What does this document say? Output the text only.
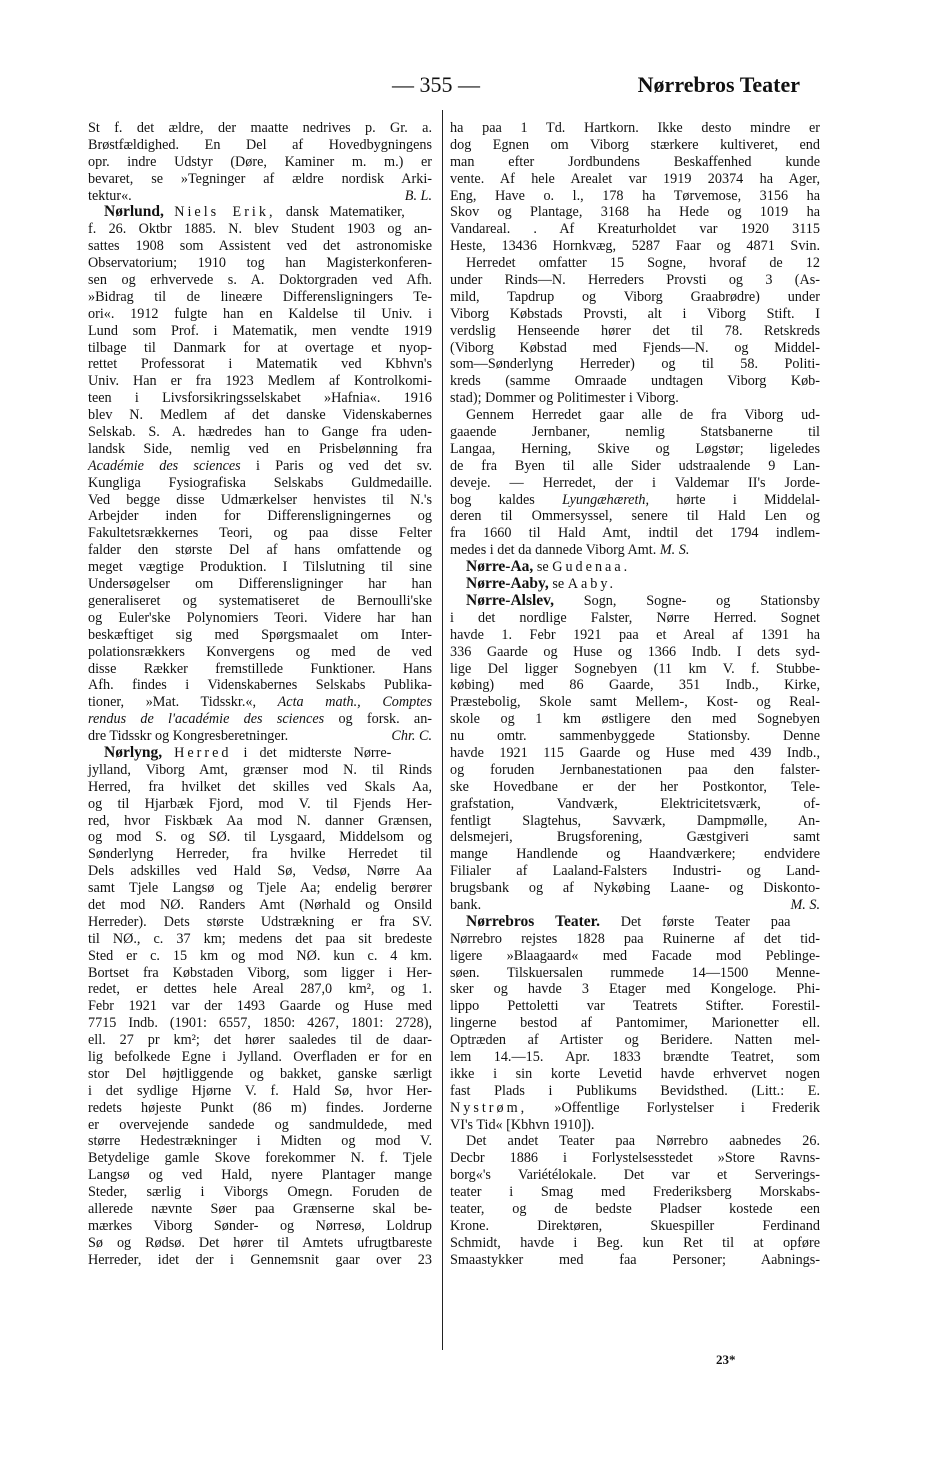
— 355 —	Nørrebros Teater
St f. det ældre, der maatte nedrives p. Gr. a.
Brøstfældighed. En Del af Hovedbygningens
opr. indre Udstyr (Døre, Kaminer m. m.) er
bevaret, se »Tegninger af ældre nordisk Arki-
tektur«.	B. L.
Nørlund, Niels Erik, dansk Matematiker,
f. 26. Oktbr 1885. N. blev Student 1903 og an-
sattes 1908 som Assistent ved det astronomiske
Observatorium; 1910 tog han Magisterkonferen-
sen og erhvervede s. A. Doktorgraden ved Afh.
»Bidrag til de lineære Differensligningers Te-
ori«. 1912 fulgte han en Kaldelse til Univ. i
Lund som Prof. i Matematik, men vendte 1919
tilbage til Danmark for at overtage et nyop-
rettet Professorat i Matematik ved Kbhvn's
Univ. Han er fra 1923 Medlem af Kontrolkomi-
teen i Livsforsikringsselskabet »Hafnia«. 1916
blev N. Medlem af det danske Videnskabernes
Selskab. S. A. hædredes han to Gange fra uden-
landsk Side, nemlig ved en Prisbelønning fra
Académie des sciences i Paris og ved det sv.
Kungliga Fysiografiska Selskabs Guldmedaille.
Ved begge disse Udmærkelser henvistes til N.'s
Arbejder inden for Differensligningernes og
Fakultetsrækkernes Teori, og paa disse Felter
falder den største Del af hans omfattende og
meget vægtige Produktion. I Tilslutning til sine
Undersøgelser om Differensligninger har han
generaliseret og systematiseret de Bernoulli'ske
og Euler'ske Polynomiers Teori. Videre har han
beskæftiget sig med Spørgsmaalet om Inter-
polationsrækkers Konvergens og med de ved
disse Rækker fremstillede Funktioner. Hans
Afh. findes i Videnskabernes Selskabs Publika-
tioner, »Mat. Tidsskr.«, Acta math., Comptes
rendus de l'académie des sciences og forsk. an-
dre Tidsskr og Kongresberetninger.	Chr. C.
Nørlyng, Herred i det midterste Nørre-
jylland, Viborg Amt, grænser mod N. til Rinds
Herred, fra hvilket det skilles ved Skals Aa,
og til Hjarbæk Fjord, mod V. til Fjends Her-
red, hvor Fiskbæk Aa mod N. danner Grænsen,
og mod S. og SØ. til Lysgaard, Middelsom og
Sønderlyng Herreder, fra hvilke Herredet til
Dels adskilles ved Hald Sø, Vedsø, Nørre Aa
samt Tjele Langsø og Tjele Aa; endelig berører
det mod NØ. Randers Amt (Nørhald og Onsild
Herreder). Dets største Udstrækning er fra SV.
til NØ., c. 37 km; medens det paa sit bredeste
Sted er c. 15 km og mod NØ. kun c. 4 km.
Bortset fra Købstaden Viborg, som ligger i Her-
redet, er dettes hele Areal 287,0 km², og 1.
Febr 1921 var der 1493 Gaarde og Huse med
7715 Indb. (1901: 6557, 1850: 4267, 1801: 2728),
ell. 27 pr km²; det hører saaledes til de daar-
lig befolkede Egne i Jylland. Overfladen er for en
stor Del højtliggende og bakket, ganske særligt
i det sydlige Hjørne V. f. Hald Sø, hvor Her-
redets højeste Punkt (86 m) findes. Jorderne
er overvejende sandede og sandmuldede, med
større Hedestrækninger i Midten og mod V.
Betydelige gamle Skove forekommer N. f. Tjele
Langsø og ved Hald, nyere Plantager mange
Steder, særlig i Viborgs Omegn. Foruden de
allerede nævnte Søer paa Grænserne skal be-
mærkes Viborg Sønder- og Nørresø, Loldrup
Sø og Rødsø. Det hører til Amtets ufrugtbareste
Herreder, idet der i Gennemsnit gaar over 23
ha paa 1 Td. Hartkorn. Ikke desto mindre er
dog Egnen om Viborg stærkere kultiveret, end
man efter Jordbundens Beskaffenhed kunde
vente. Af hele Arealet var 1919 20374 ha Ager,
Eng, Have o. l., 178 ha Tørvemose, 3156 ha
Skov og Plantage, 3168 ha Hede og 1019 ha
Vandareal. . Af Kreaturholdet var 1920 3115
Heste, 13436 Hornkvæg, 5287 Faar og 4871 Svin.
Herredet omfatter 15 Sogne, hvoraf de 12
under Rinds—N. Herreders Provsti og 3 (As-
mild, Tapdrup og Viborg Graabrødre) under
Viborg Købstads Provsti, alt i Viborg Stift. I
verdslig Henseende hører det til 78. Retskreds
(Viborg Købstad med Fjends—N. og Middel-
som—Sønderlyng Herreder) og til 58. Politi-
kreds (samme Omraade undtagen Viborg Køb-
stad); Dommer og Politimester i Viborg.
Gennem Herredet gaar alle de fra Viborg ud-
gaaende Jernbaner, nemlig Statsbanerne til
Langaa, Herning, Skive og Løgstør; ligeledes
de fra Byen til alle Sider udstraalende 9 Lan-
deveje. — Herredet, der i Valdemar II's Jorde-
bog kaldes Lyungæhæreth, hørte i Middelal-
deren til Ommersyssel, senere til Hald Len og
fra 1660 til Hald Amt, indtil det 1794 indlem-
medes i det da dannede Viborg Amt. M. S.
Nørre-Aa, se Gudenaa.
Nørre-Aaby, se Aaby.
Nørre-Alslev, Sogn, Sogne- og Stationsby
i det nordlige Falster, Nørre Herred. Sognet
havde 1. Febr 1921 paa et Areal af 1391 ha
336 Gaarde og Huse og 1366 Indb. I dets syd-
lige Del ligger Sognebyen (11 km V. f. Stubbe-
købing) med 86 Gaarde, 351 Indb., Kirke,
Præstebolig, Skole samt Mellem-, Kost- og Real-
skole og 1 km østligere den med Sognebyen
nu omtr. sammenbyggede Stationsby. Denne
havde 1921 115 Gaarde og Huse med 439 Indb.,
og foruden Jernbanestationen paa den falster-
ske Hovedbane er der her Postkontor, Tele-
grafstation, Vandværk, Elektricitetsværk, of-
fentligt Slagtehus, Savværk, Dampmølle, An-
delsmejeri, Brugsforening, Gæstgiveri samt
mange Handlende og Haandværkere; endvidere
Filialer af Laaland-Falsters Industri- og Land-
brugsbank og af Nykøbing Laane- og Diskonto-
bank.	M. S.
Nørrebros Teater. Det første Teater paa
Nørrebro rejstes 1828 paa Ruinerne af det tid-
ligere »Blaagaard« med Facade mod Peblinge-
søen. Tilskuersalen rummede 14—1500 Menne-
sker og havde 3 Etager med Kongeloge. Phi-
lippo Pettoletti var Teatrets Stifter. Forestil-
lingerne bestod af Pantomimer, Marionetter ell.
Optræden af Artister og Beridere. Natten mel-
lem 14.—15. Apr. 1833 brændte Teatret, som
ikke i sin korte Levetid havde erhvervet nogen
fast Plads i Publikums Bevidsthed. (Litt.: E.
Nystrøm, »Offentlige Forlystelser i Frederik
VI's Tid« [Kbhvn 1910]).
Det andet Teater paa Nørrebro aabnedes 26.
Decbr 1886 i Forlystelsesstedet »Store Ravns-
borg«'s Variétélokale. Det var et Serverings-
teater i Smag med Frederiksberg Morskabs-
teater, og de bedste Pladser kostede een
Krone. Direktøren, Skuespiller Ferdinand
Schmidt, havde i Beg. kun Ret til at opføre
Smaastykker med faa Personer; Aabnings-
23*
